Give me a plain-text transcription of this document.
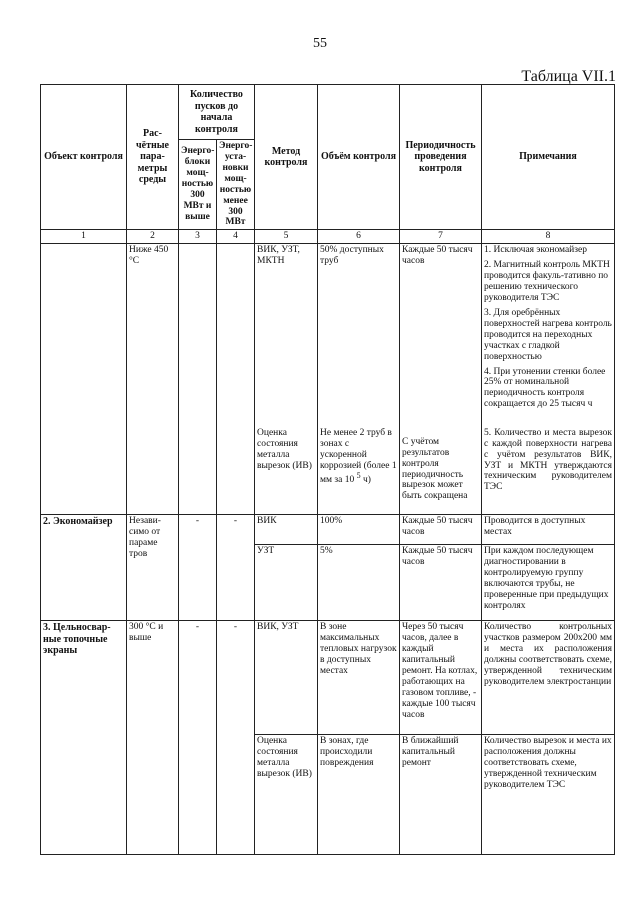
55
Таблица VII.1
Объект контроля	Рас-чётные пара-метры среды	Количество пусков до начала контроля		Метод контроля	Объём контроля	Периодичность проведения контроля	Примечания
		Энерго-блоки мощ-ностью 300 МВт и выше	Энерго-уста-новки мощ-ностью менее 300 МВт				
1	2	3	4	5	6	7	8
	Ниже 450 °С			ВИК, УЗТ, МКТН	50% доступных труб	Каждые 50 тысяч часов	1. Исключая экономайзер
2. Магнитный контроль МКТН проводится факуль-тативно по решению технического руководителя ТЭС
3. Для оребрённых поверхностей нагрева контроль проводится на переходных участках с гладкой поверхностью
4. При утонении стенки более 25% от номинальной периодичность контроля сокращается до 25 тысяч ч

				Оценка состояния металла вырезок (ИВ)	Не менее 2 труб в зонах с ускоренной коррозией (более 1 мм за 10 $^5$ ч)	С учётом результатов контроля периодичность вырезок может быть сокращена	5. Количество и места вырезок с каждой поверхности нагрева с учётом результатов ВИК, УЗТ и МКТН утверждаются техническим руководителем ТЭС
2. Экономайзер	Незави-симо от параме тров	-	-	ВИК	100%	Каждые 50 тысяч часов	Проводится в доступных местах
				УЗТ	5%	Каждые 50 тысяч часов	При каждом последующем диагностировании в контролируемую группу включаются трубы, не проверенные при предыдущих контролях
3. Цельносвар-ные топочные экраны	300 °С и выше	-	-	ВИК, УЗТ	В зоне максимальных тепловых нагрузок в доступных местах	Через 50 тысяч часов, далее в каждый капитальный ремонт. На котлах, работающих на газовом топливе, - каждые 100 тысяч часов	Количество контрольных участков размером 200х200 мм и места их расположения должны соответствовать схеме, утвержденной техническим руководителем электростанции
				Оценка состояния металла вырезок (ИВ)	В зонах, где происходили повреждения	В ближайший капитальный ремонт	Количество вырезок и места их расположения должны соответствовать схеме, утвержденной техническим руководителем ТЭС
